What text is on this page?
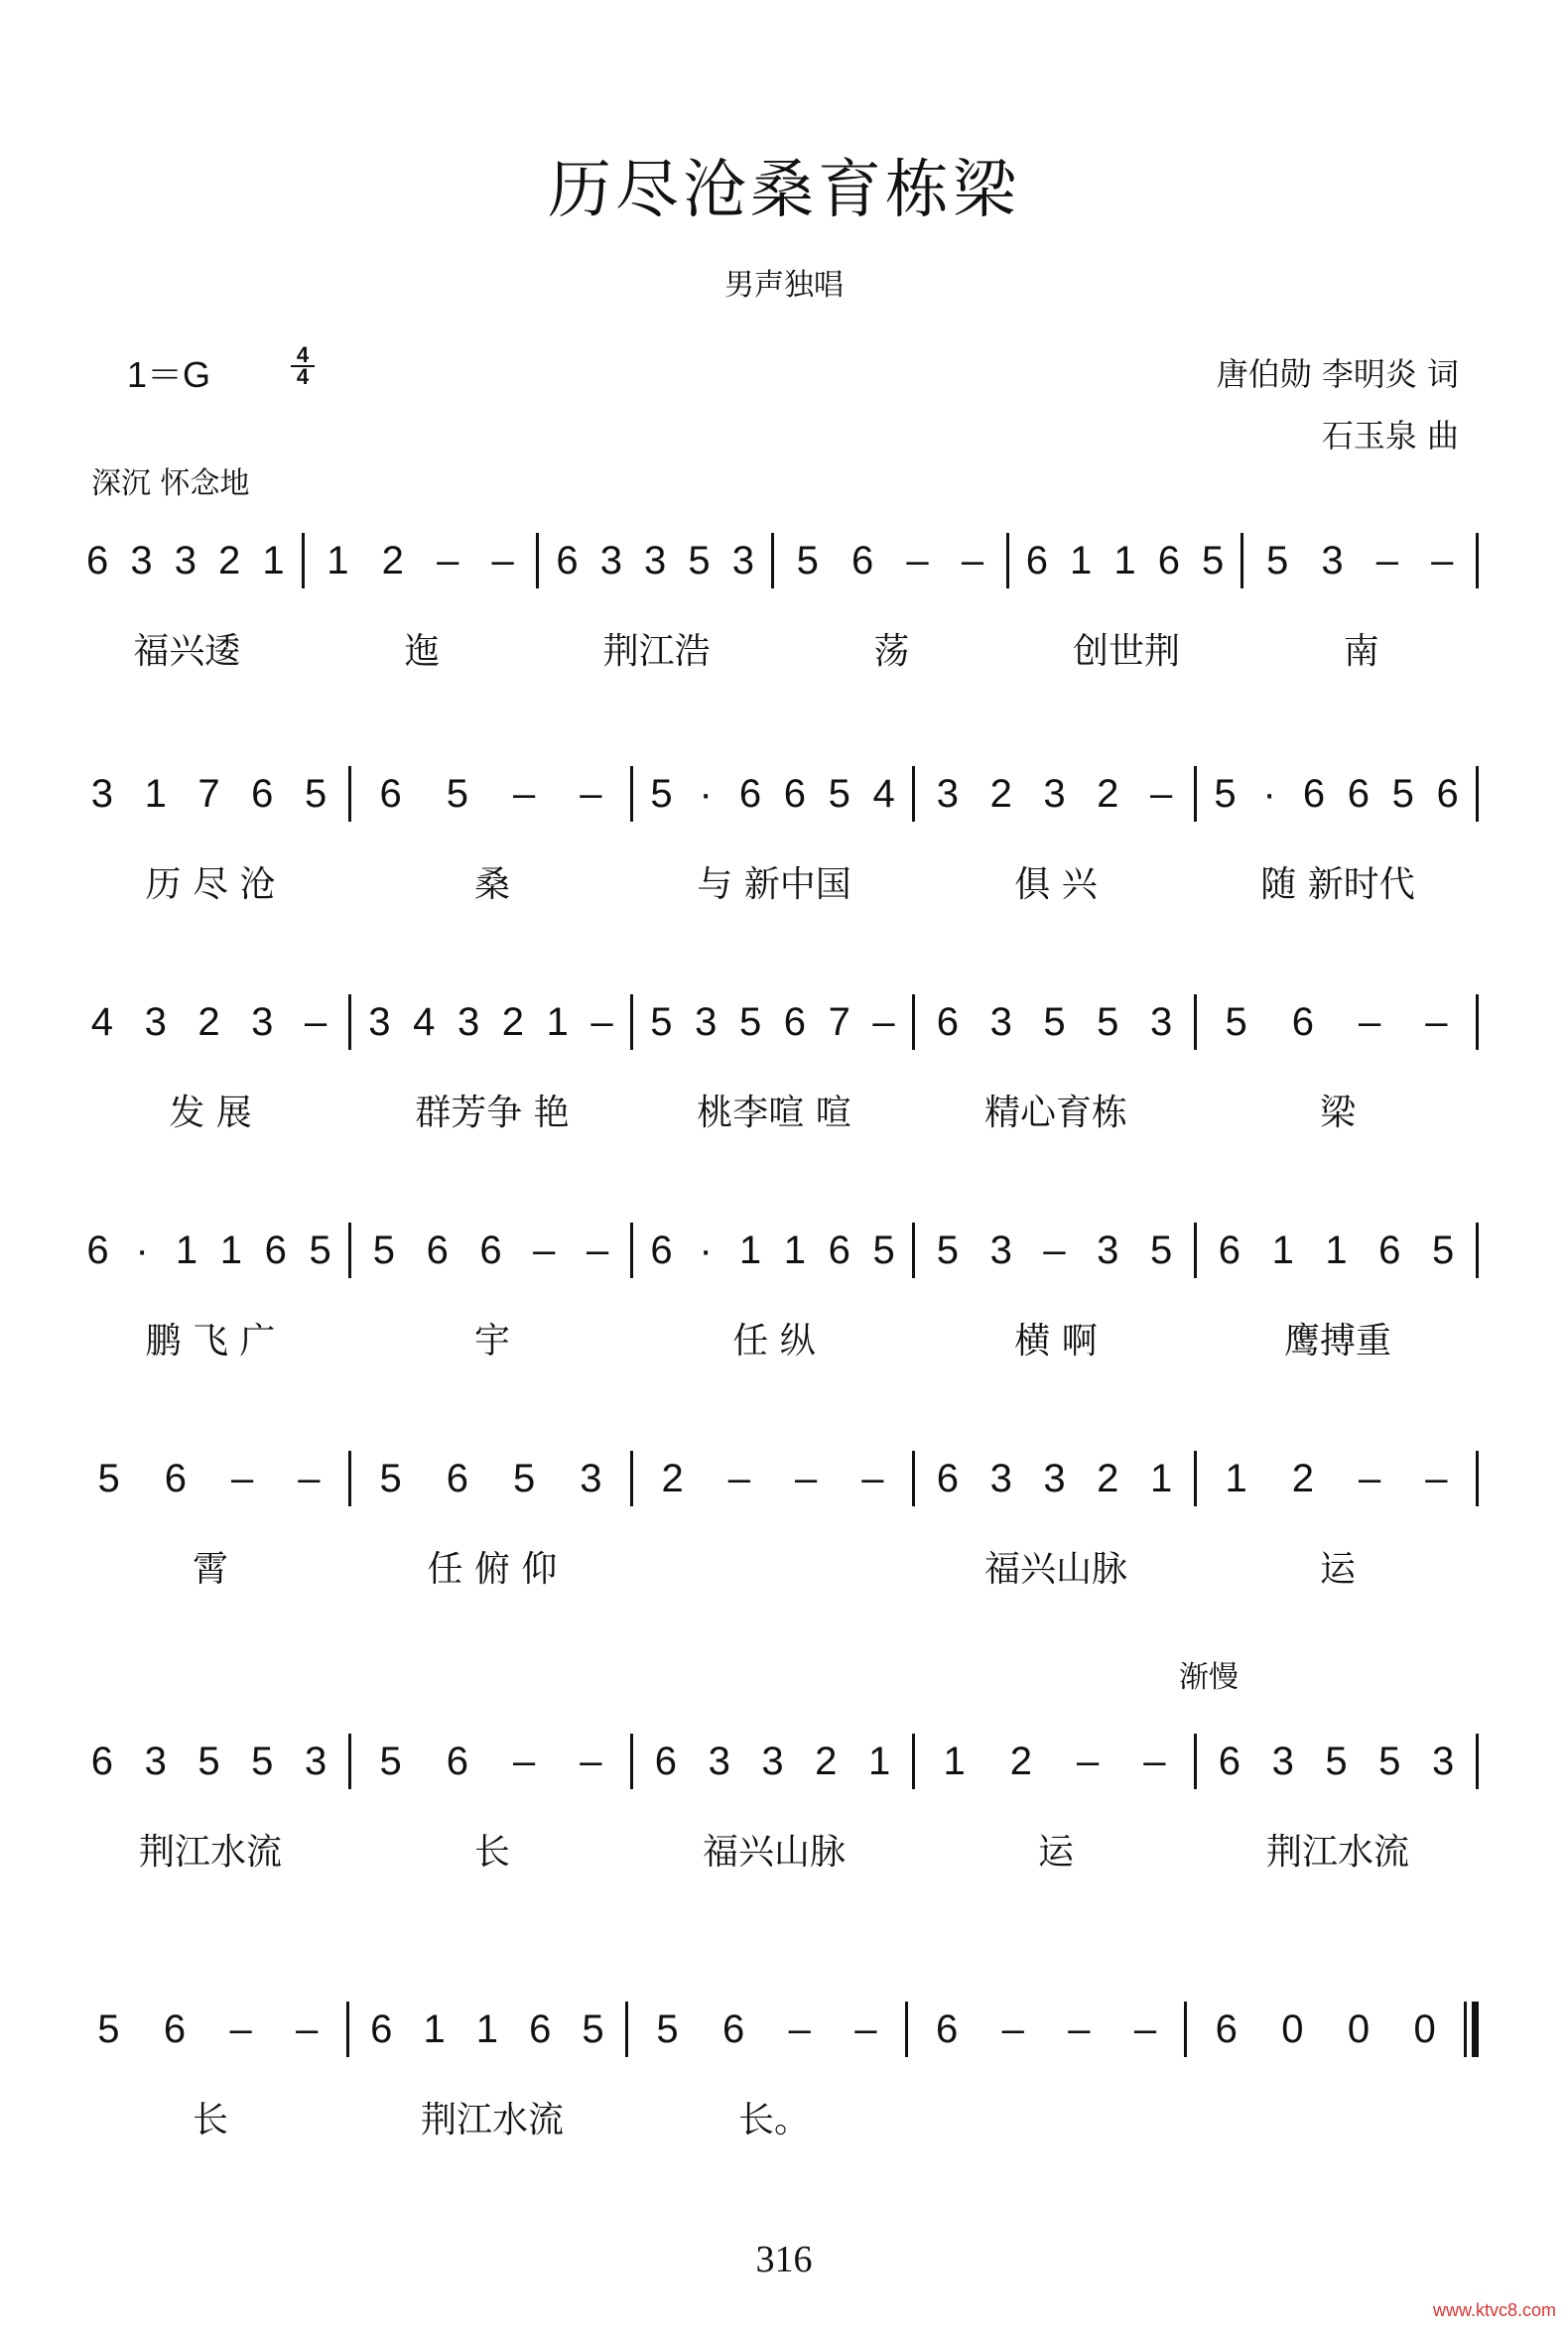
历尽沧桑育栋梁
男声独唱
1＝G	4
4	唐伯勋 李明炎 词
石玉泉 曲
深沉 怀念地
渐慢
6 3 3 2 1 1 2 – – 6 3 3 5 3 5 6 – – 6 1 1 6 5 5 3 – –
福兴逶	迤	荆江浩	荡	创世荆	南
3 1 7 6 5 6 5 – – 5 · 6 6 5 4 3 2 3 2 – 5 · 6 6 5 6
历 尽 沧	桑	与 新中国	俱 兴	随 新时代
4 3 2 3 – 3 4 3 2 1 – 5 3 5 6 7 – 6 3 5 5 3 5 6 – –
发 展	群芳争 艳	桃李喧 喧	精心育栋	梁
6 · 1 1 6 5 5 6 6 – – 6 · 1 1 6 5 5 3 – 3 5 6 1 1 6 5
鹏 飞 广	宇	任 纵	横 啊	鹰搏重
5 6 – – 5 6 5 3 2 – – – 6 3 3 2 1 1 2 – –
霄	任 俯 仰	福兴山脉	运
6 3 5 5 3 5 6 – – 6 3 3 2 1 1 2 – – 6 3 5 5 3
荆江水流	长	福兴山脉	运	荆江水流
5 6 – – 6 1 1 6 5 5 6 – – 6 – – – 6 0 0 0
长	荆江水流	长。
316
www.ktvc8.com
